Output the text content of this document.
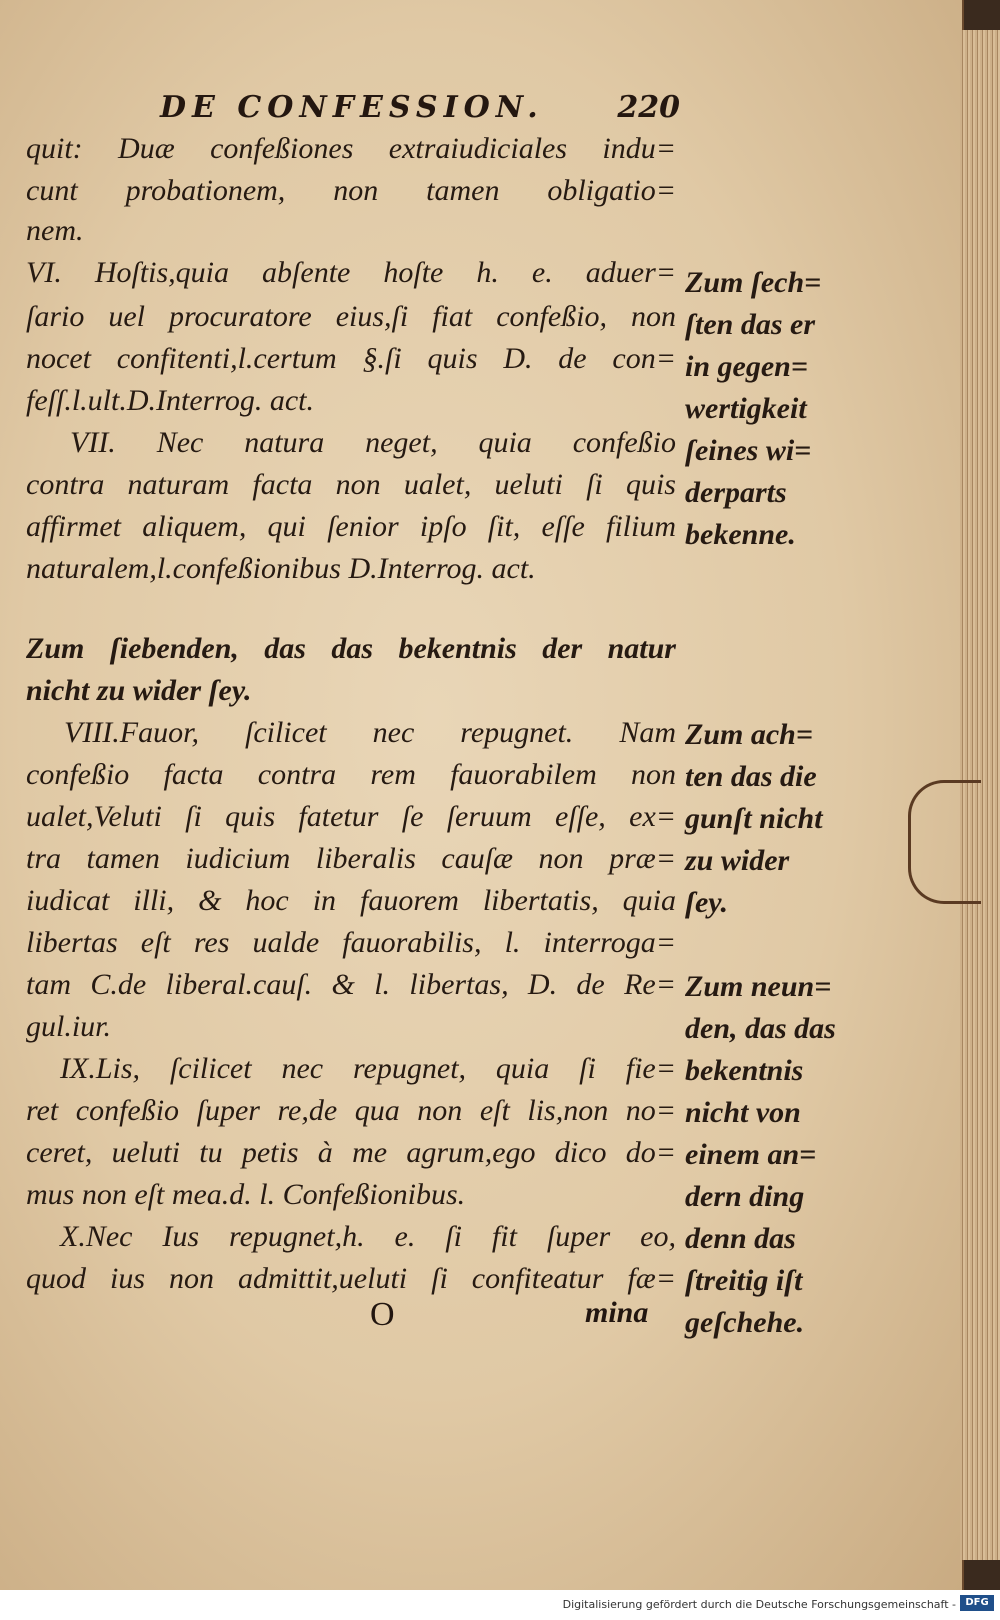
DE CONFESSION. 220
quit: Duæ confeßiones extraiudiciales indu=
cunt probationem, non tamen obligatio=
nem.
VI. Hoſtis,quia abſente hoſte h. e. aduer=
ſario uel procuratore eius,ſi fiat confeßio, non
nocet confitenti,l.certum §.ſi quis D. de con=
feſſ.l.ult.D.Interrog. act.
VII. Nec natura neget, quia confeßio
contra naturam facta non ualet, ueluti ſi quis
affirmet aliquem, qui ſenior ipſo ſit, eſſe filium
naturalem,l.confeßionibus D.Interrog. act.
Zum ſiebenden, das das bekentnis der natur
nicht zu wider ſey.
VIII.Fauor, ſcilicet nec repugnet. Nam
confeßio facta contra rem fauorabilem non
ualet,Veluti ſi quis fatetur ſe ſeruum eſſe, ex=
tra tamen iudicium liberalis cauſæ non præ=
iudicat illi, & hoc in fauorem libertatis, quia
libertas eſt res ualde fauorabilis, l. interroga=
tam C.de liberal.cauſ. & l. libertas, D. de Re=
gul.iur.
IX.Lis, ſcilicet nec repugnet, quia ſi fie=
ret confeßio ſuper re,de qua non eſt lis,non no=
ceret, ueluti tu petis à me agrum,ego dico do=
mus non eſt mea.d. l. Confeßionibus.
X.Nec Ius repugnet,h. e. ſi fit ſuper eo,
quod ius non admittit,ueluti ſi confiteatur fæ=
Zum ſech=
ſten das er
in gegen=
wertigkeit
ſeines wi=
derparts
bekenne.
Zum ach=
ten das die
gunſt nicht
zu wider
ſey.
Zum neun=
den, das das
bekentnis
nicht von
einem an=
dern ding
denn das
ſtreitig iſt
geſchehe.
O	mina
Digitalisierung gefördert durch die Deutsche Forschungsgemeinschaft - DFG
